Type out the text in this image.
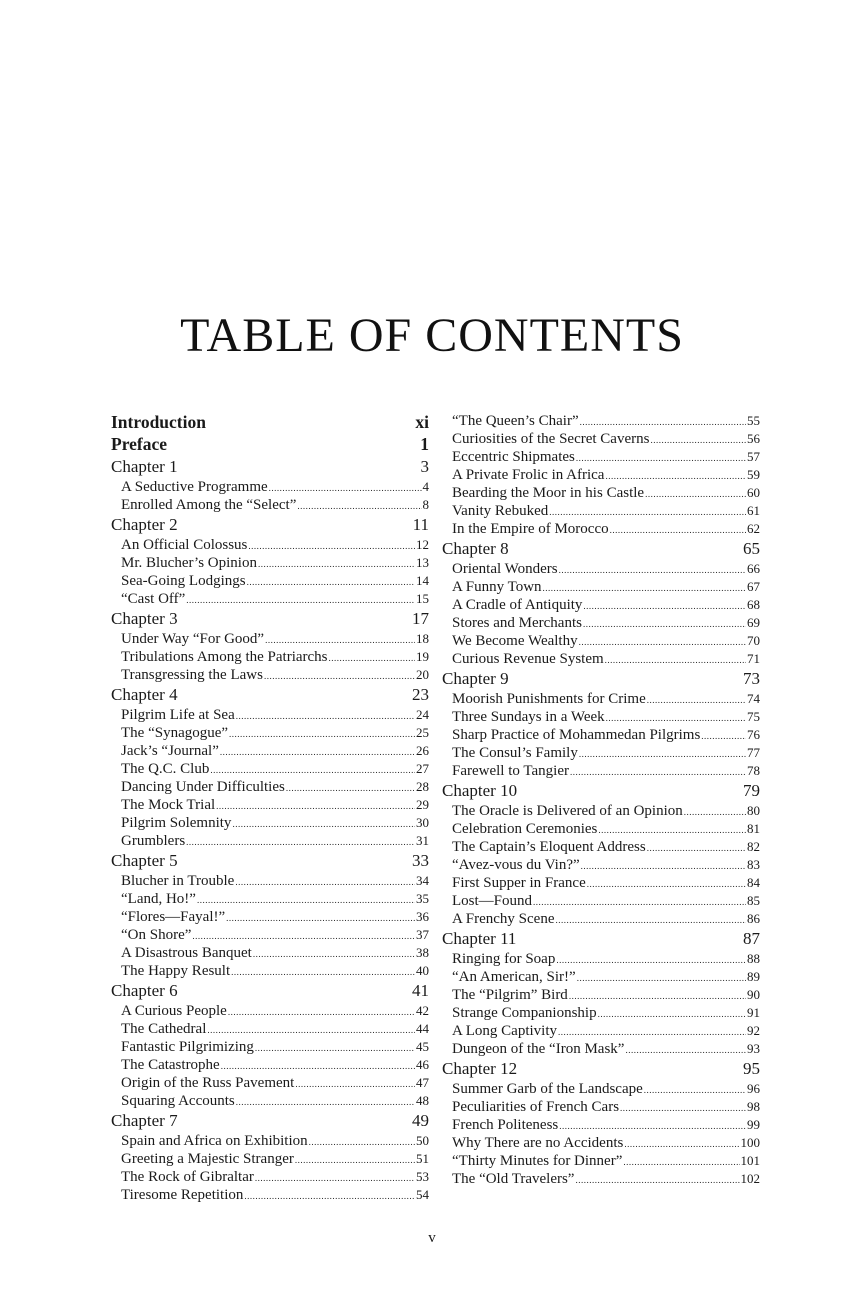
TABLE OF CONTENTS
Introduction	xi
Preface	1
Chapter 1	3
A Seductive Programme .....	4
Enrolled Among the “Select” .....	8
Chapter 2	11
An Official Colossus .....	12
Mr. Blucher’s Opinion .....	13
Sea-Going Lodgings .....	14
“Cast Off” .....	15
Chapter 3	17
Under Way “For Good” .....	18
Tribulations Among the Patriarchs .....	19
Transgressing the Laws .....	20
Chapter 4	23
Pilgrim Life at Sea .....	24
The “Synagogue” .....	25
Jack’s “Journal” .....	26
The Q.C. Club .....	27
Dancing Under Difficulties .....	28
The Mock Trial .....	29
Pilgrim Solemnity .....	30
Grumblers .....	31
Chapter 5	33
Blucher in Trouble .....	34
“Land, Ho!” .....	35
“Flores—Fayal!” .....	36
“On Shore” .....	37
A Disastrous Banquet .....	38
The Happy Result .....	40
Chapter 6	41
A Curious People .....	42
The Cathedral .....	44
Fantastic Pilgrimizing .....	45
The Catastrophe .....	46
Origin of the Russ Pavement .....	47
Squaring Accounts .....	48
Chapter 7	49
Spain and Africa on Exhibition .....	50
Greeting a Majestic Stranger .....	51
The Rock of Gibraltar .....	53
Tiresome Repetition .....	54
“The Queen’s Chair” .....	55
Curiosities of the Secret Caverns .....	56
Eccentric Shipmates .....	57
A Private Frolic in Africa .....	59
Bearding the Moor in his Castle .....	60
Vanity Rebuked .....	61
In the Empire of Morocco .....	62
Chapter 8	65
Oriental Wonders .....	66
A Funny Town .....	67
A Cradle of Antiquity .....	68
Stores and Merchants .....	69
We Become Wealthy .....	70
Curious Revenue System .....	71
Chapter 9	73
Moorish Punishments for Crime .....	74
Three Sundays in a Week .....	75
Sharp Practice of Mohammedan Pilgrims .....	76
The Consul’s Family .....	77
Farewell to Tangier .....	78
Chapter 10	79
The Oracle is Delivered of an Opinion .....	80
Celebration Ceremonies .....	81
The Captain’s Eloquent Address .....	82
“Avez-vous du Vin?” .....	83
First Supper in France .....	84
Lost—Found .....	85
A Frenchy Scene .....	86
Chapter 11	87
Ringing for Soap .....	88
“An American, Sir!” .....	89
The “Pilgrim” Bird .....	90
Strange Companionship .....	91
A Long Captivity .....	92
Dungeon of the “Iron Mask” .....	93
Chapter 12	95
Summer Garb of the Landscape .....	96
Peculiarities of French Cars .....	98
French Politeness .....	99
Why There are no Accidents .....	100
“Thirty Minutes for Dinner” .....	101
The “Old Travelers” .....	102
v
